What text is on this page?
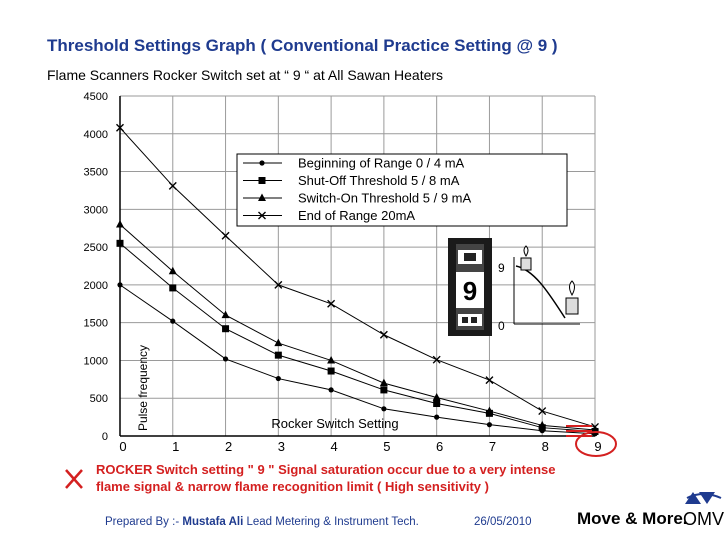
Threshold Settings Graph ( Conventional Practice Setting @ 9 )
Flame Scanners Rocker Switch set at “ 9 “ at All Sawan Heaters
Rocker Switch Setting
Pulse frequency
0
500
1000
1500
2000
2500
3000
3500
4000
4500
0	1	2	3	4	5	6	7	8	9
Beginning of Range 0 / 4 mA
Shut-Off Threshold 5 / 8 mA
Switch-On Threshold 5 / 9 mA
End of Range 20mA
9
9
0
ROCKER Switch setting " 9 " Signal saturation occur due to a very intense
flame signal & narrow flame recognition limit ( High sensitivity )
Prepared By :- Mustafa Ali Lead Metering & Instrument Tech.	26/05/2010	Move & More.
OMV
